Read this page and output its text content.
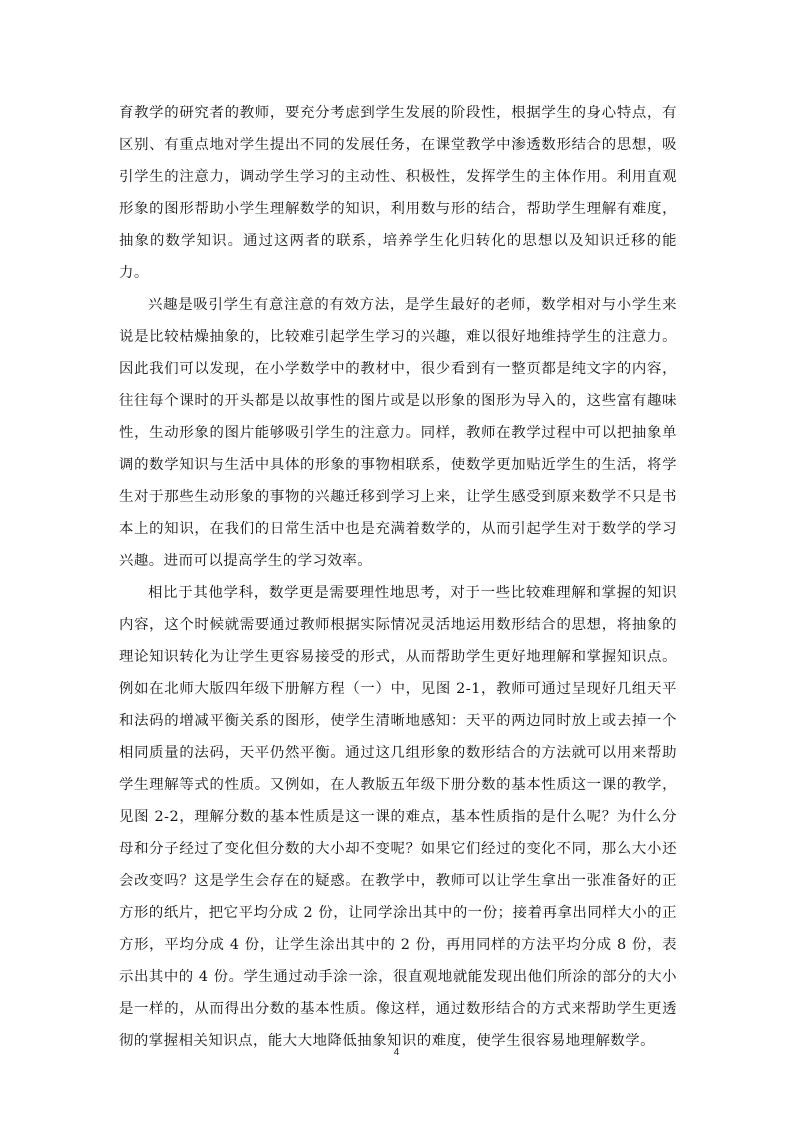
育教学的研究者的教师，要充分考虑到学生发展的阶段性，根据学生的身心特点，有区别、有重点地对学生提出不同的发展任务，在课堂教学中渗透数形结合的思想，吸引学生的注意力，调动学生学习的主动性、积极性，发挥学生的主体作用。利用直观形象的图形帮助小学生理解数学的知识，利用数与形的结合，帮助学生理解有难度，抽象的数学知识。通过这两者的联系，培养学生化归转化的思想以及知识迁移的能力。

兴趣是吸引学生有意注意的有效方法，是学生最好的老师，数学相对与小学生来说是比较枯燥抽象的，比较难引起学生学习的兴趣，难以很好地维持学生的注意力。因此我们可以发现，在小学数学中的教材中，很少看到有一整页都是纯文字的内容，往往每个课时的开头都是以故事性的图片或是以形象的图形为导入的，这些富有趣味性，生动形象的图片能够吸引学生的注意力。同样，教师在教学过程中可以把抽象单调的数学知识与生活中具体的形象的事物相联系，使数学更加贴近学生的生活，将学生对于那些生动形象的事物的兴趣迁移到学习上来，让学生感受到原来数学不只是书本上的知识，在我们的日常生活中也是充满着数学的，从而引起学生对于数学的学习兴趣。进而可以提高学生的学习效率。

相比于其他学科，数学更是需要理性地思考，对于一些比较难理解和掌握的知识内容，这个时候就需要通过教师根据实际情况灵活地运用数形结合的思想，将抽象的理论知识转化为让学生更容易接受的形式，从而帮助学生更好地理解和掌握知识点。例如在北师大版四年级下册解方程（一）中，见图 2-1，教师可通过呈现好几组天平和法码的增减平衡关系的图形，使学生清晰地感知：天平的两边同时放上或去掉一个相同质量的法码，天平仍然平衡。通过这几组形象的数形结合的方法就可以用来帮助学生理解等式的性质。又例如，在人教版五年级下册分数的基本性质这一课的教学，见图 2-2，理解分数的基本性质是这一课的难点，基本性质指的是什么呢？为什么分母和分子经过了变化但分数的大小却不变呢？如果它们经过的变化不同，那么大小还会改变吗？这是学生会存在的疑惑。在教学中，教师可以让学生拿出一张准备好的正方形的纸片，把它平均分成 2 份，让同学涂出其中的一份；接着再拿出同样大小的正方形，平均分成 4 份，让学生涂出其中的 2 份，再用同样的方法平均分成 8 份，表示出其中的 4 份。学生通过动手涂一涂，很直观地就能发现出他们所涂的部分的大小是一样的，从而得出分数的基本性质。像这样，通过数形结合的方式来帮助学生更透彻的掌握相关知识点，能大大地降低抽象知识的难度，使学生很容易地理解数学。

4
